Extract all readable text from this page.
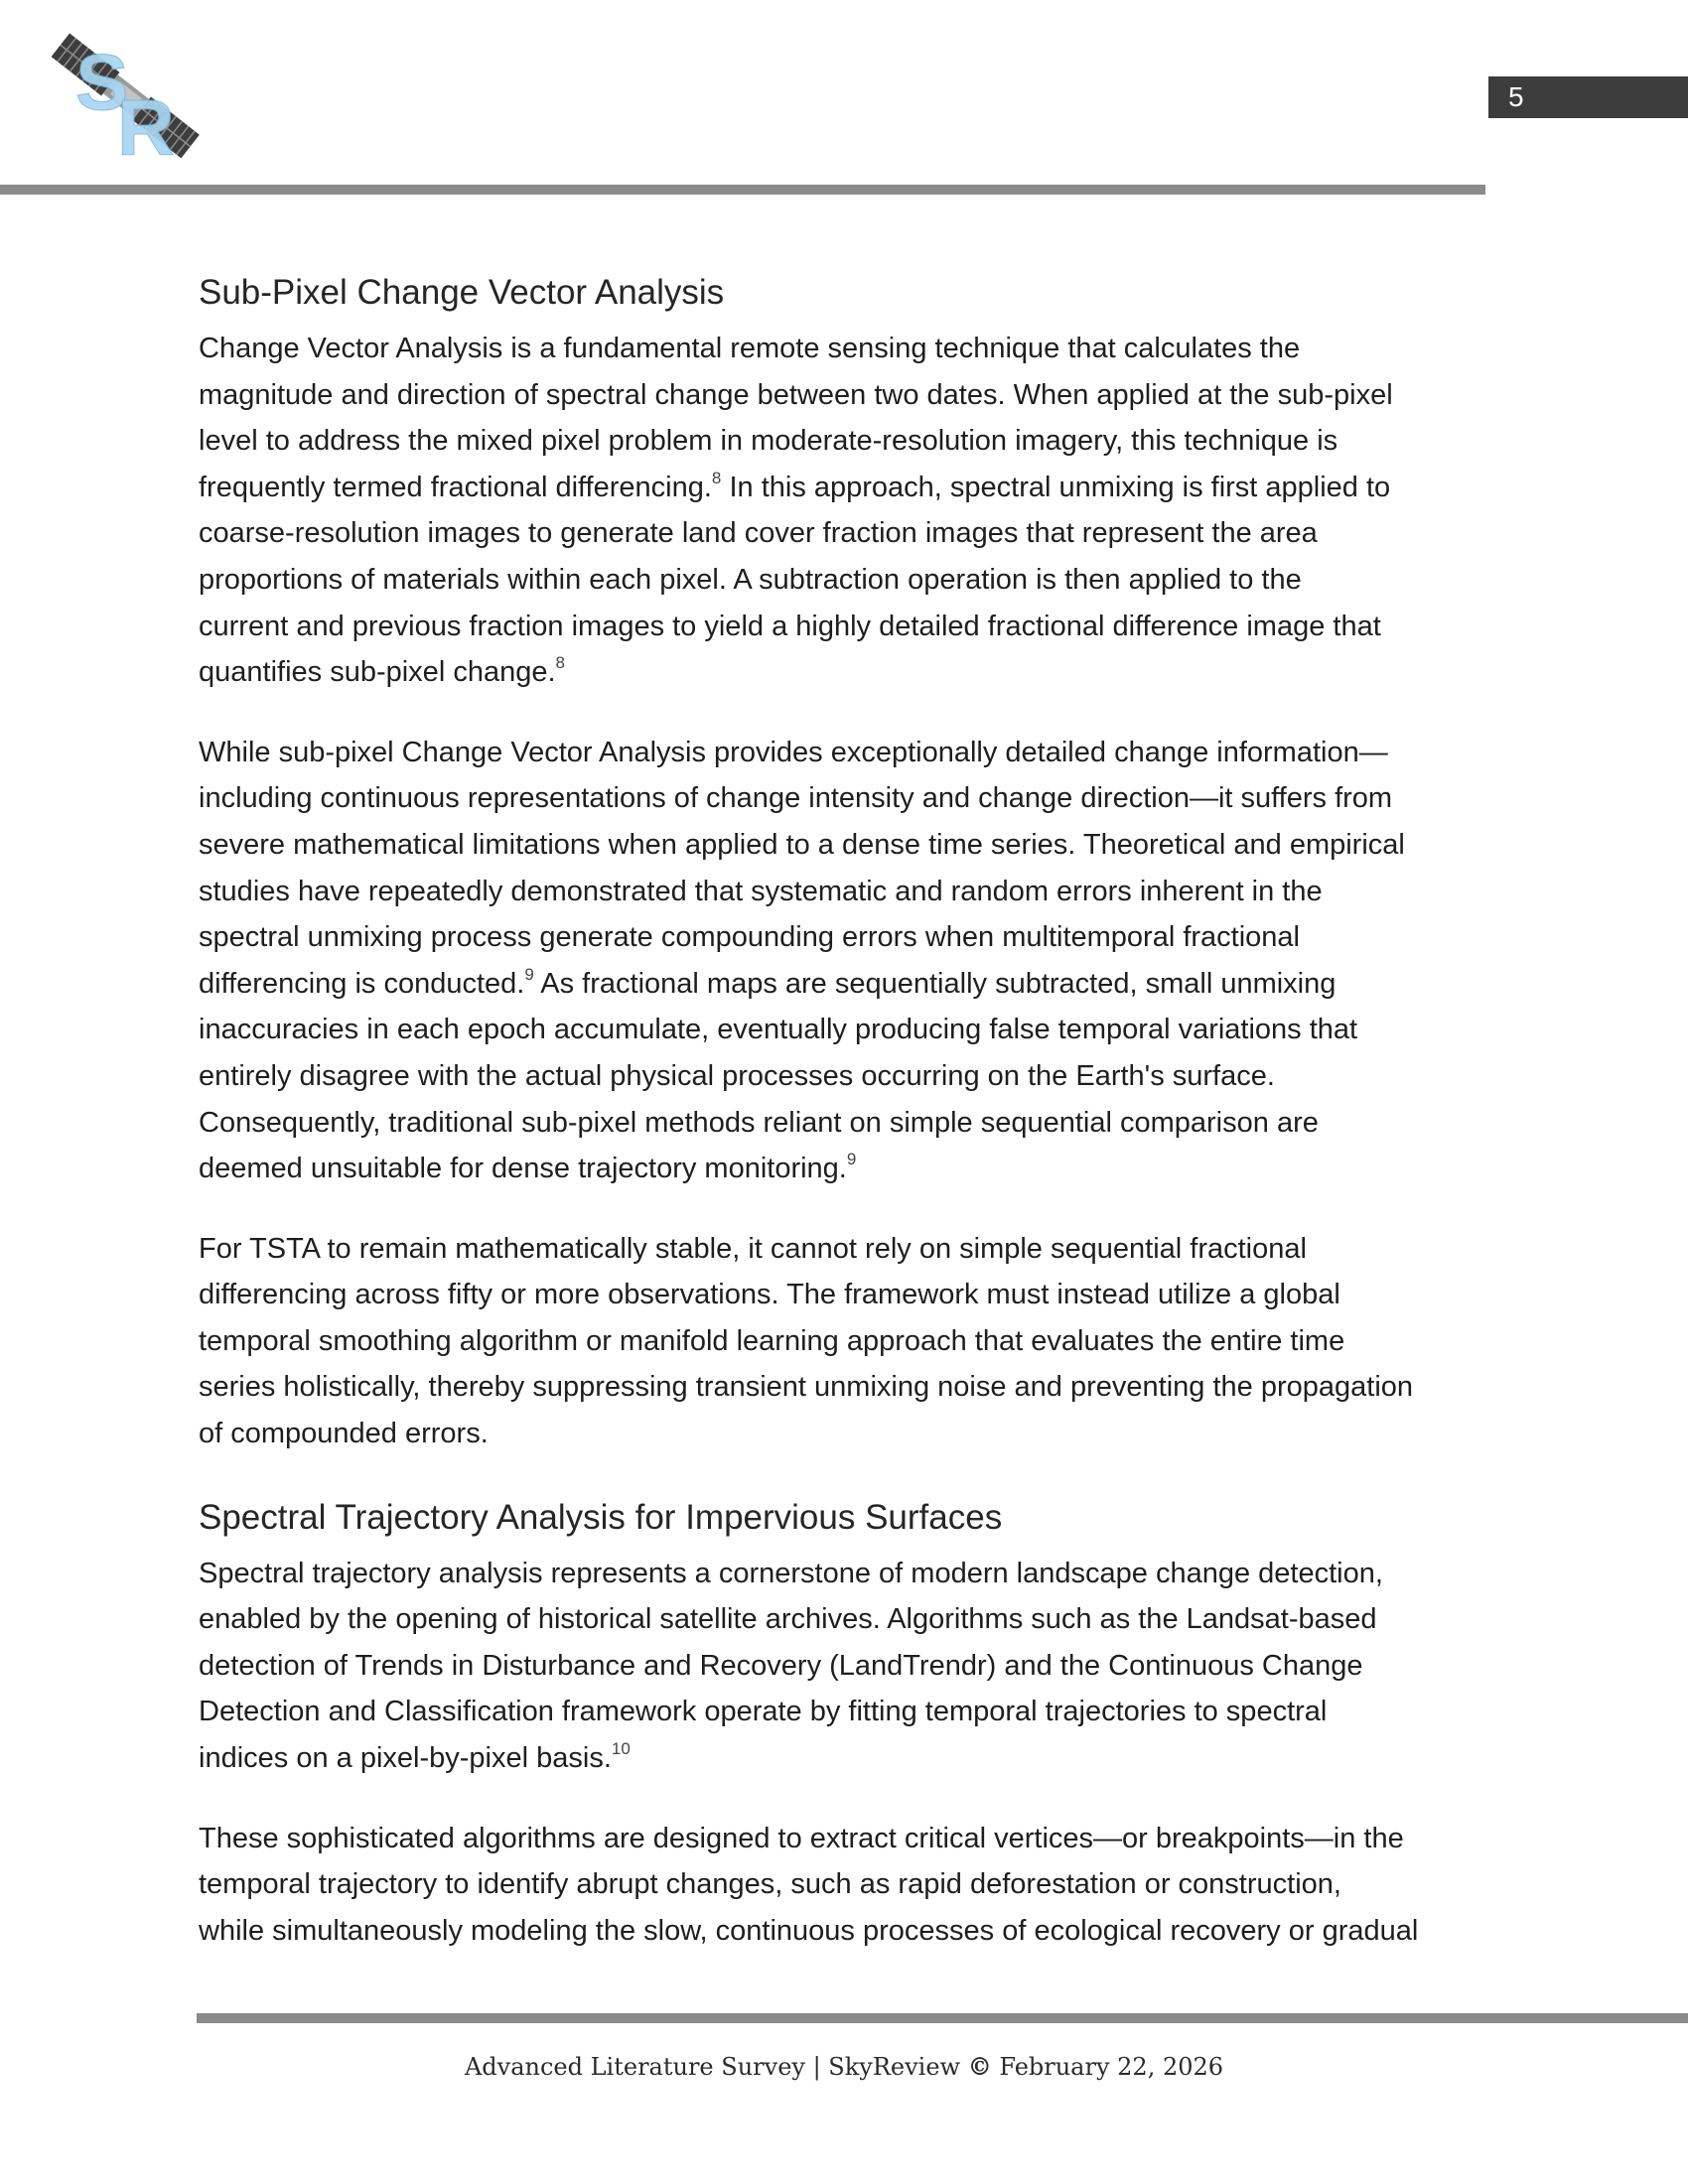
S
R	5
Sub-Pixel Change Vector Analysis
Change Vector Analysis is a fundamental remote sensing technique that calculates the
magnitude and direction of spectral change between two dates. When applied at the sub-pixel
level to address the mixed pixel problem in moderate-resolution imagery, this technique is
frequently termed fractional differencing.$^8$ In this approach, spectral unmixing is first applied to
coarse-resolution images to generate land cover fraction images that represent the area
proportions of materials within each pixel. A subtraction operation is then applied to the
current and previous fraction images to yield a highly detailed fractional difference image that
quantifies sub-pixel change.$^8$
While sub-pixel Change Vector Analysis provides exceptionally detailed change information—
including continuous representations of change intensity and change direction—it suffers from
severe mathematical limitations when applied to a dense time series. Theoretical and empirical
studies have repeatedly demonstrated that systematic and random errors inherent in the
spectral unmixing process generate compounding errors when multitemporal fractional
differencing is conducted.$^9$ As fractional maps are sequentially subtracted, small unmixing
inaccuracies in each epoch accumulate, eventually producing false temporal variations that
entirely disagree with the actual physical processes occurring on the Earth's surface.
Consequently, traditional sub-pixel methods reliant on simple sequential comparison are
deemed unsuitable for dense trajectory monitoring.$^9$
For TSTA to remain mathematically stable, it cannot rely on simple sequential fractional
differencing across fifty or more observations. The framework must instead utilize a global
temporal smoothing algorithm or manifold learning approach that evaluates the entire time
series holistically, thereby suppressing transient unmixing noise and preventing the propagation
of compounded errors.
Spectral Trajectory Analysis for Impervious Surfaces
Spectral trajectory analysis represents a cornerstone of modern landscape change detection,
enabled by the opening of historical satellite archives. Algorithms such as the Landsat-based
detection of Trends in Disturbance and Recovery (LandTrendr) and the Continuous Change
Detection and Classification framework operate by fitting temporal trajectories to spectral
indices on a pixel-by-pixel basis.$^{10}$
These sophisticated algorithms are designed to extract critical vertices—or breakpoints—in the
temporal trajectory to identify abrupt changes, such as rapid deforestation or construction,
while simultaneously modeling the slow, continuous processes of ecological recovery or gradual
Advanced Literature Survey | SkyReview © February 22, 2026
